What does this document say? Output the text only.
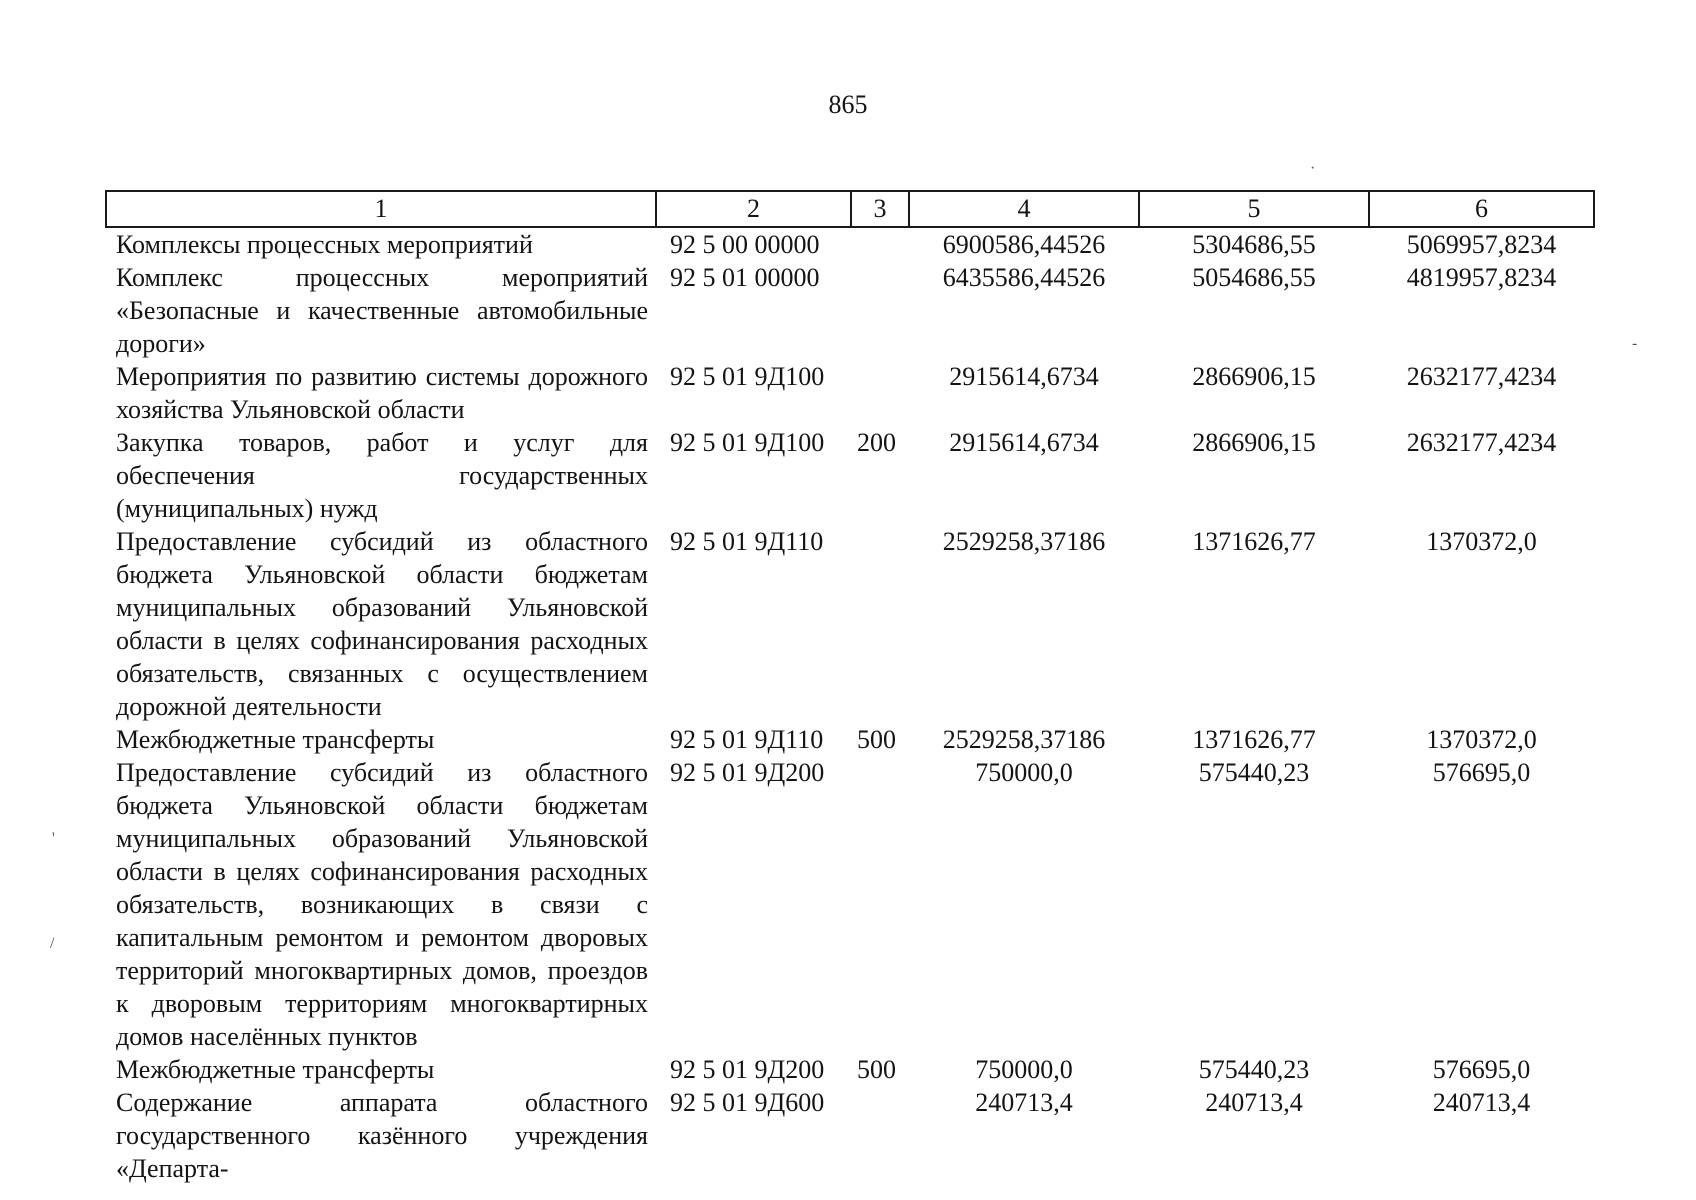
865
1	2	3	4	5	6
Комплексы процессных мероприятий	92 5 00 00000		6900586,44526	5304686,55	5069957,8234
Комплекс процессных мероприятий «Безопасные и качественные автомобильные дороги»	92 5 01 00000		6435586,44526	5054686,55	4819957,8234
Мероприятия по развитию системы дорожного хозяйства Ульяновской области	92 5 01 9Д100		2915614,6734	2866906,15	2632177,4234
Закупка товаров, работ и услуг для обеспечения государственных (муниципальных) нужд	92 5 01 9Д100	200	2915614,6734	2866906,15	2632177,4234
Предоставление субсидий из областного бюджета Ульяновской области бюджетам муниципальных образований Ульяновской области в целях софинансирования расходных обязательств, связанных с осуществлением дорожной деятельности	92 5 01 9Д110		2529258,37186	1371626,77	1370372,0
Межбюджетные трансферты	92 5 01 9Д110	500	2529258,37186	1371626,77	1370372,0
Предоставление субсидий из областного бюджета Ульяновской области бюджетам муниципальных образований Ульяновской области в целях софинансирования расходных обязательств, возникающих в связи с капитальным ремонтом и ремонтом дворовых территорий многоквартирных домов, проездов к дворовым территориям многоквартирных домов населённых пунктов	92 5 01 9Д200		750000,0	575440,23	576695,0
Межбюджетные трансферты	92 5 01 9Д200	500	750000,0	575440,23	576695,0
Содержание аппарата областного государственного казённого учреждения «Департа-	92 5 01 9Д600		240713,4	240713,4	240713,4
·
-
'
/
